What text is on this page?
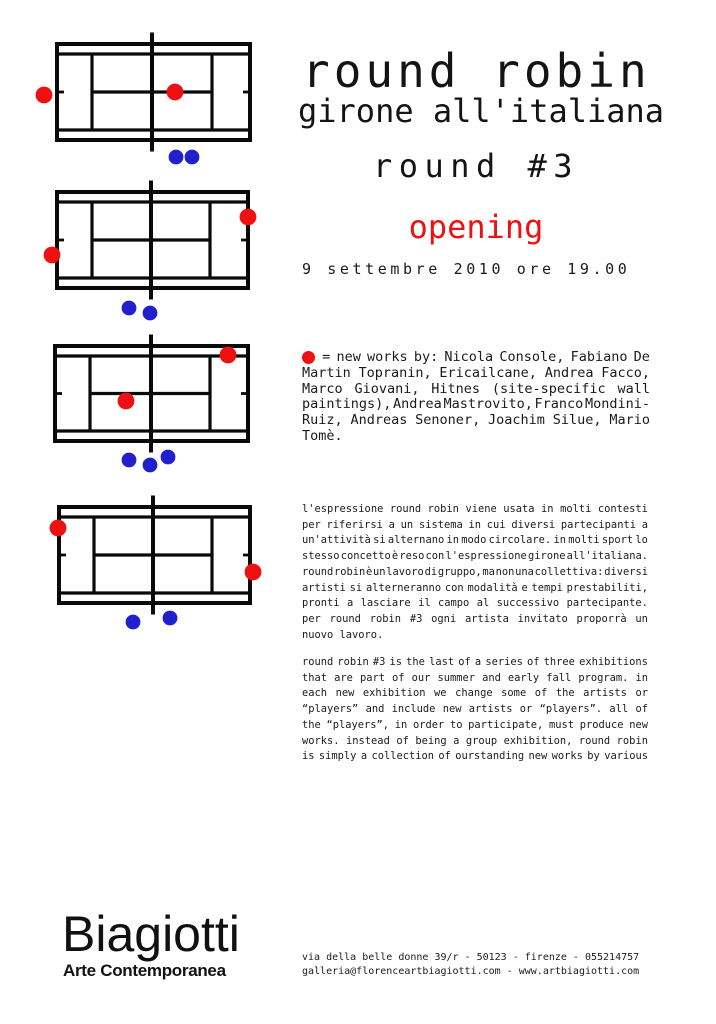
round robin
girone all'italiana
round #3
opening
9 settembre 2010 ore 19.00
= new works by: Nicola Console, Fabiano De
Martin Topranin, Ericailcane, Andrea Facco,
Marco Giovani, Hitnes (site-specific wall
paintings), Andrea Mastrovito, Franco Mondini-
Ruiz, Andreas Senoner, Joachim Silue, Mario
Tomè.
l'espressione round robin viene usata in molti contesti
per riferirsi a un sistema in cui diversi partecipanti a
un'attività si alternano in modo circolare. in molti sport lo
stesso concetto è reso con l'espressione girone all'italiana.
round robin è un lavoro di gruppo, ma non una collettiva: diversi
artisti si alterneranno con modalità e tempi prestabiliti,
pronti a lasciare il campo al successivo partecipante.
per round robin #3 ogni artista invitato proporrà un
nuovo lavoro.
round robin #3 is the last of a series of three exhibitions
that are part of our summer and early fall program. in
each new exhibition we change some of the artists or
“players” and include new artists or “players”. all of
the “players”, in order to participate, must produce new
works. instead of being a group exhibition, round robin
is simply a collection of ourstanding new works by various
Biagiotti
Arte Contemporanea
via della belle donne 39/r - 50123 - firenze - 055214757
galleria@florenceartbiagiotti.com - www.artbiagiotti.com
